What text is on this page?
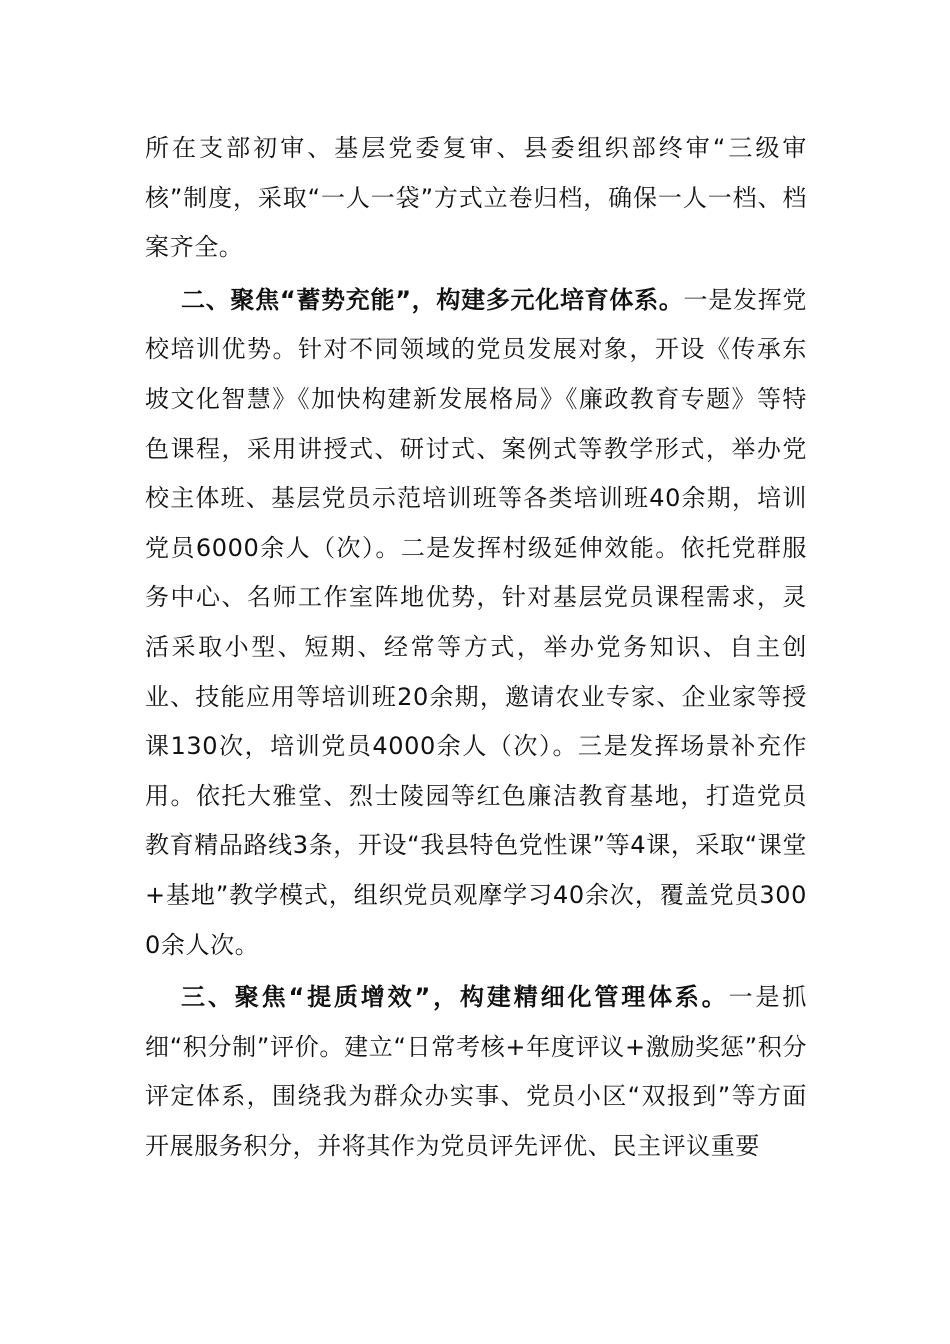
所在支部初审、基层党委复审、县委组织部终审“三级审核”制度，采取“一人一袋”方式立卷归档，确保一人一档、档案齐全。

二、聚焦“蓄势充能”，构建多元化培育体系。一是发挥党校培训优势。针对不同领域的党员发展对象，开设《传承东坡文化智慧》《加快构建新发展格局》《廉政教育专题》等特色课程，采用讲授式、研讨式、案例式等教学形式，举办党校主体班、基层党员示范培训班等各类培训班40余期，培训党员6000余人（次）。二是发挥村级延伸效能。依托党群服务中心、名师工作室阵地优势，针对基层党员课程需求，灵活采取小型、短期、经常等方式，举办党务知识、自主创业、技能应用等培训班20余期，邀请农业专家、企业家等授课130次，培训党员4000余人（次）。三是发挥场景补充作用。依托大雅堂、烈士陵园等红色廉洁教育基地，打造党员教育精品路线3条，开设“我县特色党性课”等4课，采取“课堂+基地”教学模式，组织党员观摩学习40余次，覆盖党员3000余人次。

三、聚焦“提质增效”，构建精细化管理体系。一是抓细“积分制”评价。建立“日常考核+年度评议+激励奖惩”积分评定体系，围绕我为群众办实事、党员小区“双报到”等方面开展服务积分，并将其作为党员评先评优、民主评议重要
